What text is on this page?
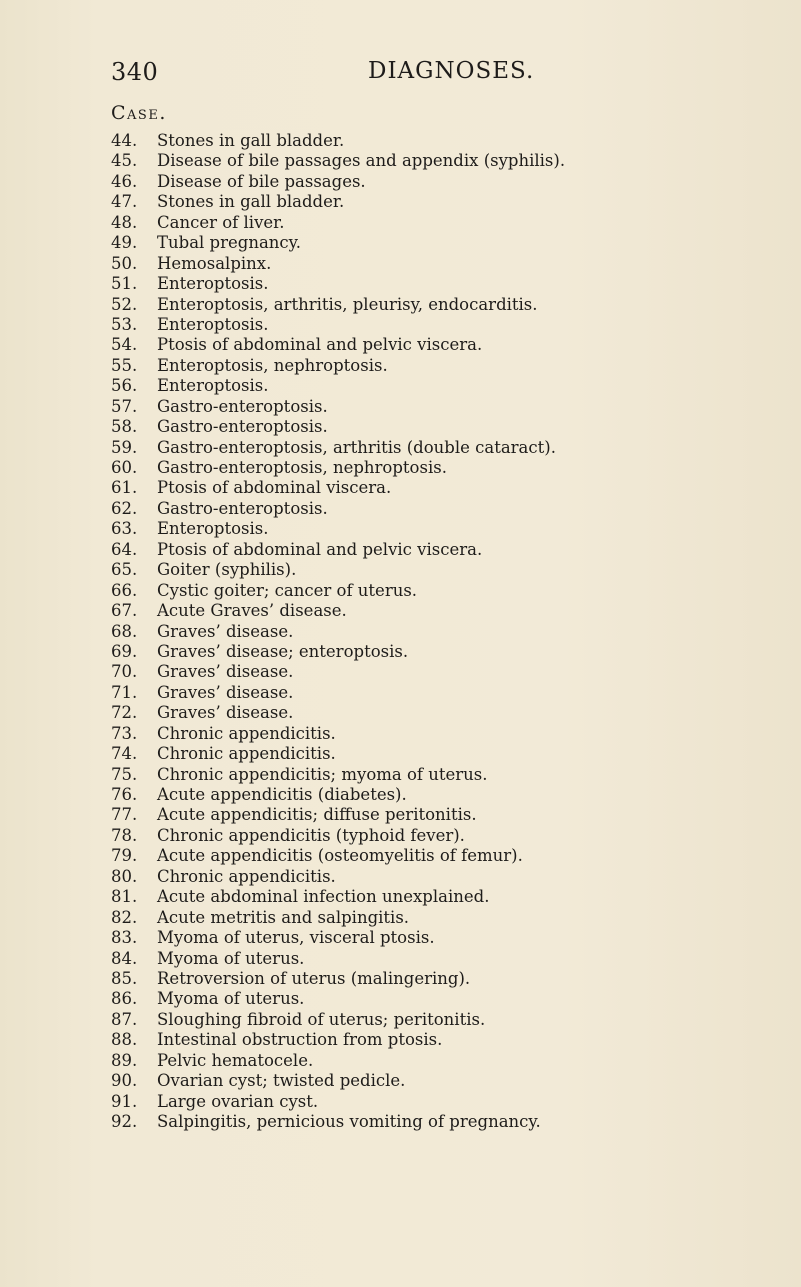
340	DIAGNOSES.
Case.
44. Stones in gall bladder.
45. Disease of bile passages and appendix (syphilis).
46. Disease of bile passages.
47. Stones in gall bladder.
48. Cancer of liver.
49. Tubal pregnancy.
50. Hemosalpinx.
51. Enteroptosis.
52. Enteroptosis, arthritis, pleurisy, endocarditis.
53. Enteroptosis.
54. Ptosis of abdominal and pelvic viscera.
55. Enteroptosis, nephroptosis.
56. Enteroptosis.
57. Gastro-enteroptosis.
58. Gastro-enteroptosis.
59. Gastro-enteroptosis, arthritis (double cataract).
60. Gastro-enteroptosis, nephroptosis.
61. Ptosis of abdominal viscera.
62. Gastro-enteroptosis.
63. Enteroptosis.
64. Ptosis of abdominal and pelvic viscera.
65. Goiter (syphilis).
66. Cystic goiter; cancer of uterus.
67. Acute Graves’ disease.
68. Graves’ disease.
69. Graves’ disease; enteroptosis.
70. Graves’ disease.
71. Graves’ disease.
72. Graves’ disease.
73. Chronic appendicitis.
74. Chronic appendicitis.
75. Chronic appendicitis; myoma of uterus.
76. Acute appendicitis (diabetes).
77. Acute appendicitis; diffuse peritonitis.
78. Chronic appendicitis (typhoid fever).
79. Acute appendicitis (osteomyelitis of femur).
80. Chronic appendicitis.
81. Acute abdominal infection unexplained.
82. Acute metritis and salpingitis.
83. Myoma of uterus, visceral ptosis.
84. Myoma of uterus.
85. Retroversion of uterus (malingering).
86. Myoma of uterus.
87. Sloughing fibroid of uterus; peritonitis.
88. Intestinal obstruction from ptosis.
89. Pelvic hematocele.
90. Ovarian cyst; twisted pedicle.
91. Large ovarian cyst.
92. Salpingitis, pernicious vomiting of pregnancy.
